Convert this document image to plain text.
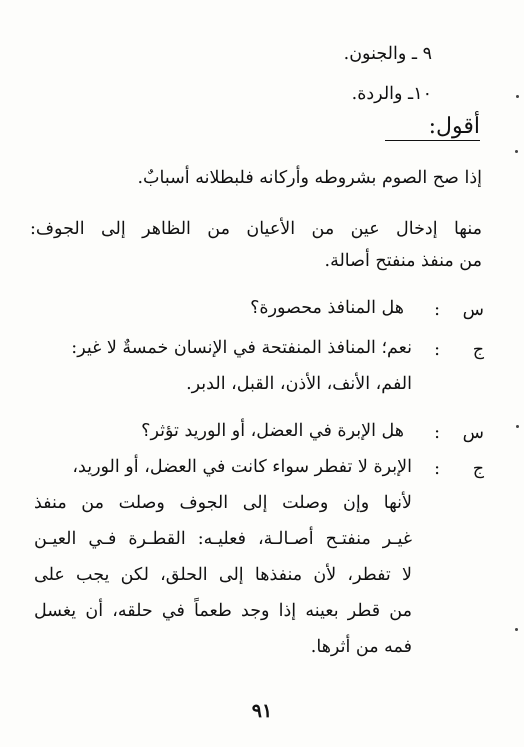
٩ ـ والجنون.
١٠ـ والردة.
أقول:
إذا صح الصوم بشروطه وأركانه فلبطلانه أسبابٌ.
منها إدخال عين من الأعيان من الظاهر إلى الجوف:
من منفذ منفتح أصالة.
س
:
هل المنافذ محصورة؟
ج
:
نعم؛ المنافذ المنفتحة في الإنسان خمسةٌ لا غير:
الفم، الأنف، الأذن، القبل، الدبر.
س
:
هل الإبرة في العضل، أو الوريد تؤثر؟
ج
:
الإبرة لا تفطر سواء كانت في العضل، أو الوريد،
لأنها وإن وصلت إلى الجوف وصلت من منفذ
غيـر منفتـح أصـالـة، فعليـه: القطـرة فـي العيـن
لا تفطر، لأن منفذها إلى الحلق، لكن يجب على
من قطر بعينه إذا وجد طعماً في حلقه، أن يغسل
فمه من أثرها.
٩١
